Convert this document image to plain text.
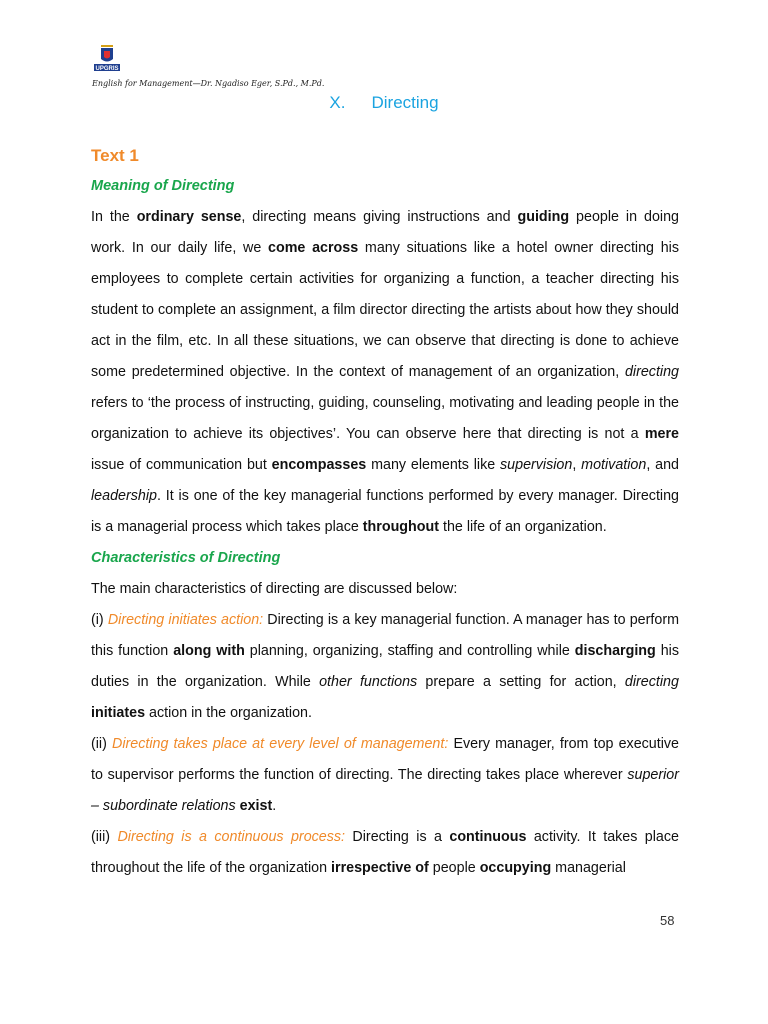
UPGRIS
English for Management—Dr. Ngadiso Eger, S.Pd., M.Pd.
X. Directing

Text 1

Meaning of Directing

In the ordinary sense, directing means giving instructions and guiding people in doing work. In our daily life, we come across many situations like a hotel owner directing his employees to complete certain activities for organizing a function, a teacher directing his student to complete an assignment, a film director directing the artists about how they should act in the film, etc. In all these situations, we can observe that directing is done to achieve some predetermined objective. In the context of management of an organization, directing refers to ‘the process of instructing, guiding, counseling, motivating and leading people in the organization to achieve its objectives’. You can observe here that directing is not a mere issue of communication but encompasses many elements like supervision, motivation, and leadership. It is one of the key managerial functions performed by every manager. Directing is a managerial process which takes place throughout the life of an organization.

Characteristics of Directing

The main characteristics of directing are discussed below:

(i) Directing initiates action: Directing is a key managerial function. A manager has to perform this function along with planning, organizing, staffing and controlling while discharging his duties in the organization. While other functions prepare a setting for action, directing initiates action in the organization.

(ii) Directing takes place at every level of management: Every manager, from top executive to supervisor performs the function of directing. The directing takes place wherever superior – subordinate relations exist.

(iii) Directing is a continuous process: Directing is a continuous activity. It takes place throughout the life of the organization irrespective of people occupying managerial

58
